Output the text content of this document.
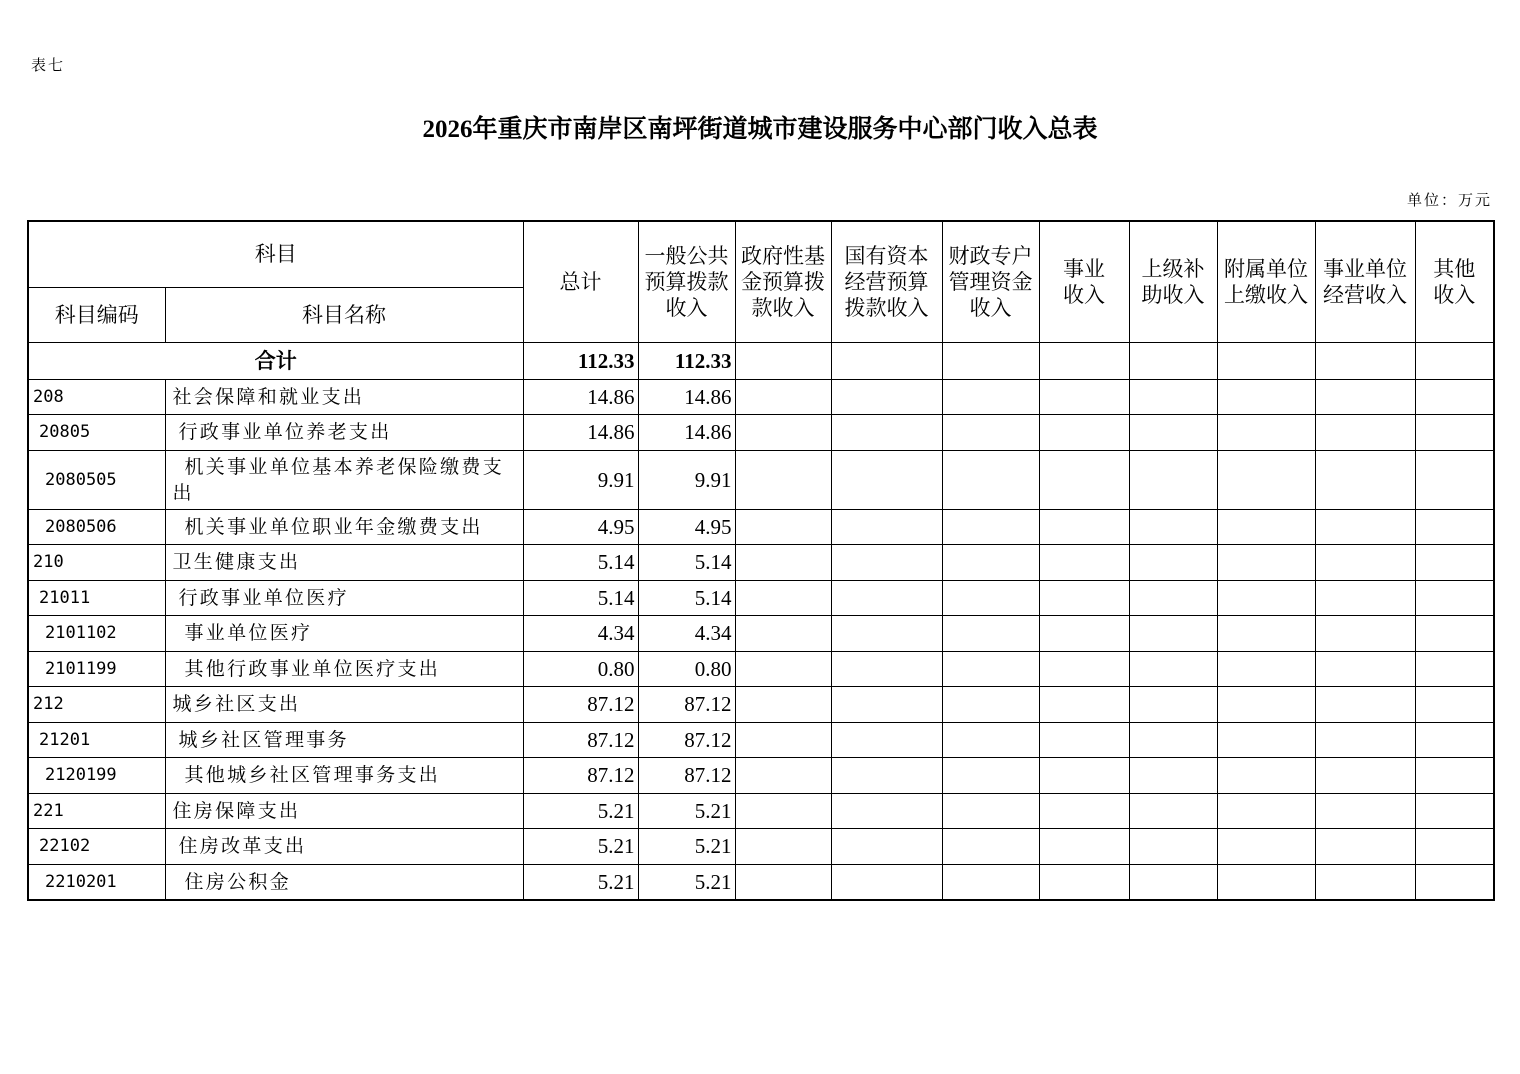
表七
2026年重庆市南岸区南坪街道城市建设服务中心部门收入总表
单位：万元
科目		总计	一般公共预算拨款收入	政府性基金预算拨款收入	国有资本经营预算拨款收入	财政专户管理资金收入	事业收入	上级补助收入	附属单位上缴收入	事业单位经营收入	其他收入
科目编码	科目名称										
合计		112.33	112.33								
208	社会保障和就业支出	14.86	14.86								
20805	行政事业单位养老支出	14.86	14.86								
2080505	机关事业单位基本养老保险缴费支出	9.91	9.91								
2080506	机关事业单位职业年金缴费支出	4.95	4.95								
210	卫生健康支出	5.14	5.14								
21011	行政事业单位医疗	5.14	5.14								
2101102	事业单位医疗	4.34	4.34								
2101199	其他行政事业单位医疗支出	0.80	0.80								
212	城乡社区支出	87.12	87.12								
21201	城乡社区管理事务	87.12	87.12								
2120199	其他城乡社区管理事务支出	87.12	87.12								
221	住房保障支出	5.21	5.21								
22102	住房改革支出	5.21	5.21								
2210201	住房公积金	5.21	5.21								
